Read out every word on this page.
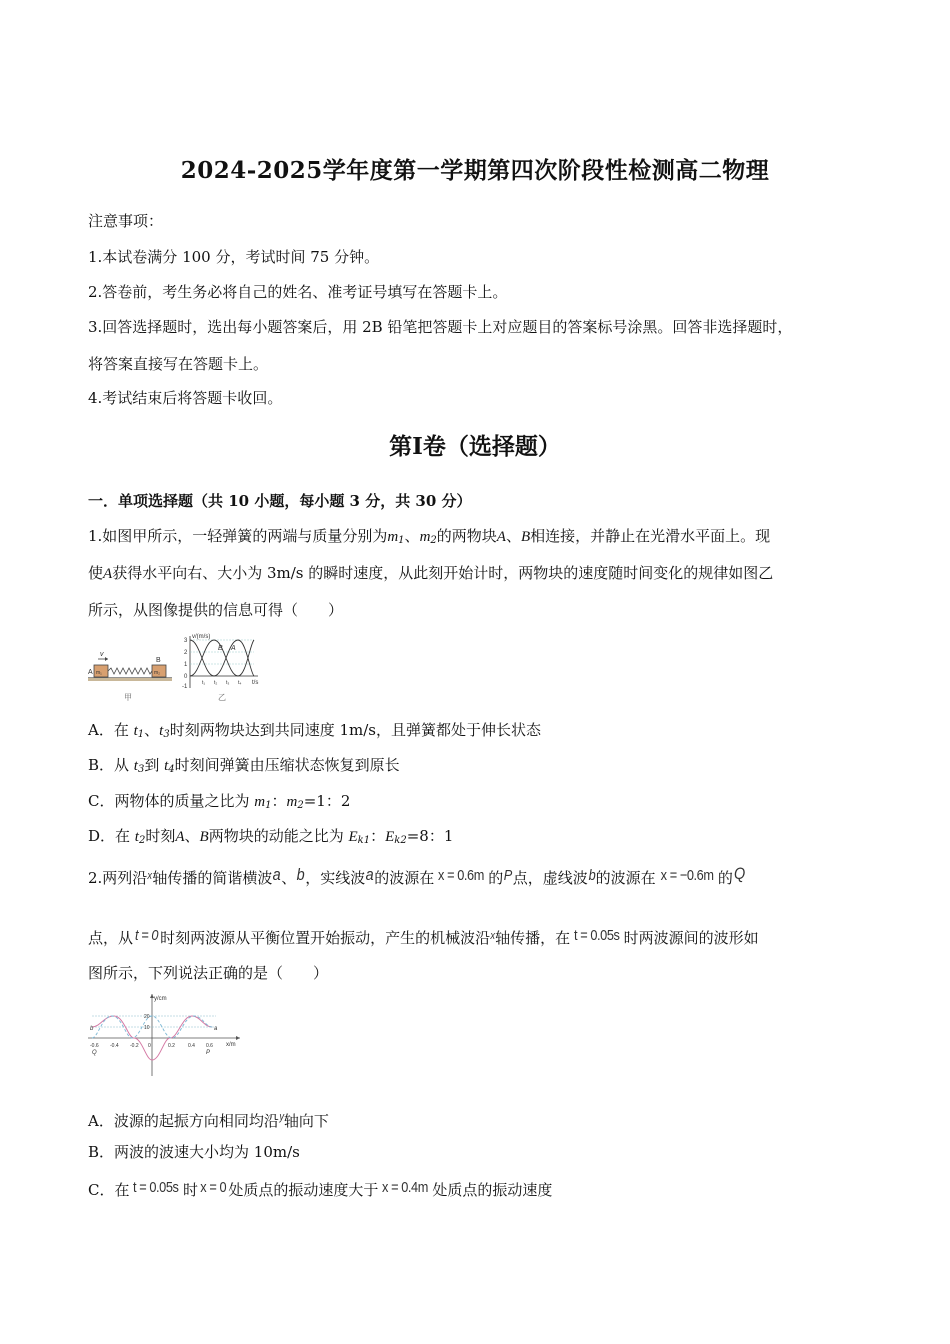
2024-2025学年度第一学期第四次阶段性检测高二物理
注意事项：
1.本试卷满分 100 分，考试时间 75 分钟。
2.答卷前，考生务必将自己的姓名、准考证号填写在答题卡上。
3.回答选择题时，选出每小题答案后，用 2B 铅笔把答题卡上对应题目的答案标号涂黑。回答非选择题时，
将答案直接写在答题卡上。
4.考试结束后将答题卡收回。
第Ⅰ卷（选择题）
一．单项选择题（共 10 小题，每小题 3 分，共 30 分）
1.如图甲所示，一轻弹簧的两端与质量分别为$m_1$、$m_2$的两物块A、B相连接，并静止在光滑水平面上。现
使A获得水平向右、大小为 3m/s 的瞬时速度，从此刻开始计时，两物块的速度随时间变化的规律如图乙
所示，从图像提供的信息可得（　　）
v
A
B
m₁	m₂
甲
v/(m/s)
t/s
3
2
1
0
-1
t₁ t₂ t₃ t₄
B A
乙
A．在 $t_1$、$t_3$时刻两物块达到共同速度 1m/s，且弹簧都处于伸长状态
B．从 $t_3$到 $t_4$时刻间弹簧由压缩状态恢复到原长
C．两物体的质量之比为 $m_1$：$m_2=1$：2
D．在 $t_2$时刻A、B两物块的动能之比为 $E_{k1}$：$E_{k2}=8$：1
2.两列沿x轴传播的简谐横波a、b，实线波a的波源在 x = 0.6m 的P点，虚线波b的波源在 x = −0.6m 的Q
点，从 t = 0 时刻两波源从平衡位置开始振动，产生的机械波沿x轴传播，在 t = 0.05s 时两波源间的波形如
图所示，下列说法正确的是（　　）
y/cm
x/m
20
10
-0.6 -0.4 -0.2 0	0.2	0.4 0.6
b	a
Q	P
A．波源的起振方向相同均沿y轴向下
B．两波的波速大小均为 10m/s
C．在 t = 0.05s 时 x = 0 处质点的振动速度大于 x = 0.4m 处质点的振动速度
